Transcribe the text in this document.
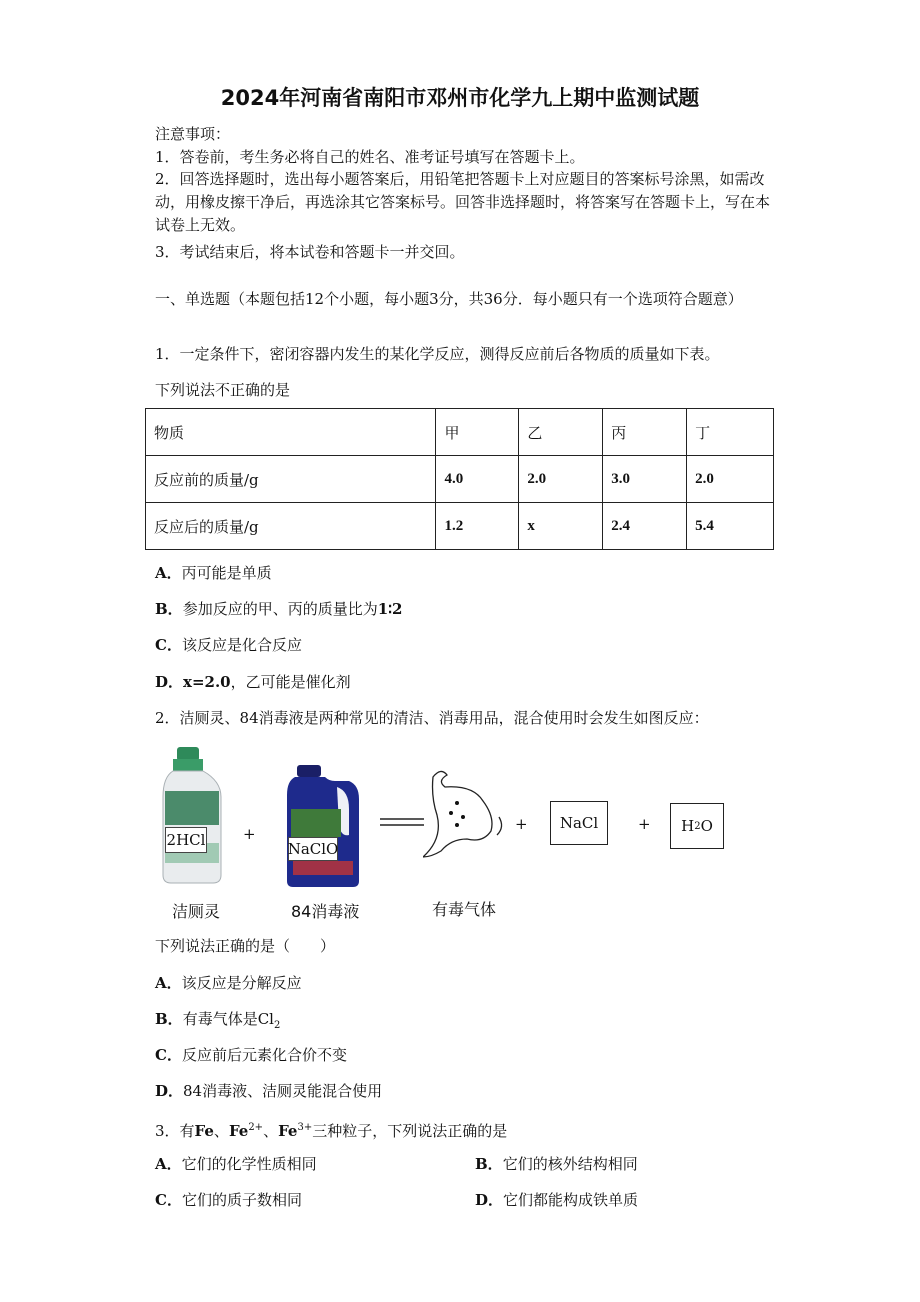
2024年河南省南阳市邓州市化学九上期中监测试题
注意事项：
1．答卷前，考生务必将自己的姓名、准考证号填写在答题卡上。
2．回答选择题时，选出每小题答案后，用铅笔把答题卡上对应题目的答案标号涂黑，如需改动，用橡皮擦干净后，再选涂其它答案标号。回答非选择题时，将答案写在答题卡上，写在本试卷上无效。
3．考试结束后，将本试卷和答题卡一并交回。
一、单选题（本题包括12个小题，每小题3分，共36分．每小题只有一个选项符合题意）
1．一定条件下，密闭容器内发生的某化学反应，测得反应前后各物质的质量如下表。
下列说法不正确的是
物质	甲	乙	丙	丁
反应前的质量/g	4.0	2.0	3.0	2.0
反应后的质量/g	1.2	x	2.4	5.4
A．丙可能是单质
B．参加反应的甲、丙的质量比为1∶2
C．该反应是化合反应
D．x=2.0，乙可能是催化剂
2．洁厕灵、84消毒液是两种常见的清洁、消毒用品，混合使用时会发生如图反应：
2HCl	+
NaClO
+	NaCl	+ H 2 O
洁厕灵	84消毒液	有毒气体
下列说法正确的是（　　）
A．该反应是分解反应
B．有毒气体是$Cl_2$
C．反应前后元素化合价不变
D．84消毒液、洁厕灵能混合使用
3．有Fe、$Fe^{2+}$、$Fe^{3+}$三种粒子，下列说法正确的是
A．它们的化学性质相同	B．它们的核外结构相同
C．它们的质子数相同	D．它们都能构成铁单质
